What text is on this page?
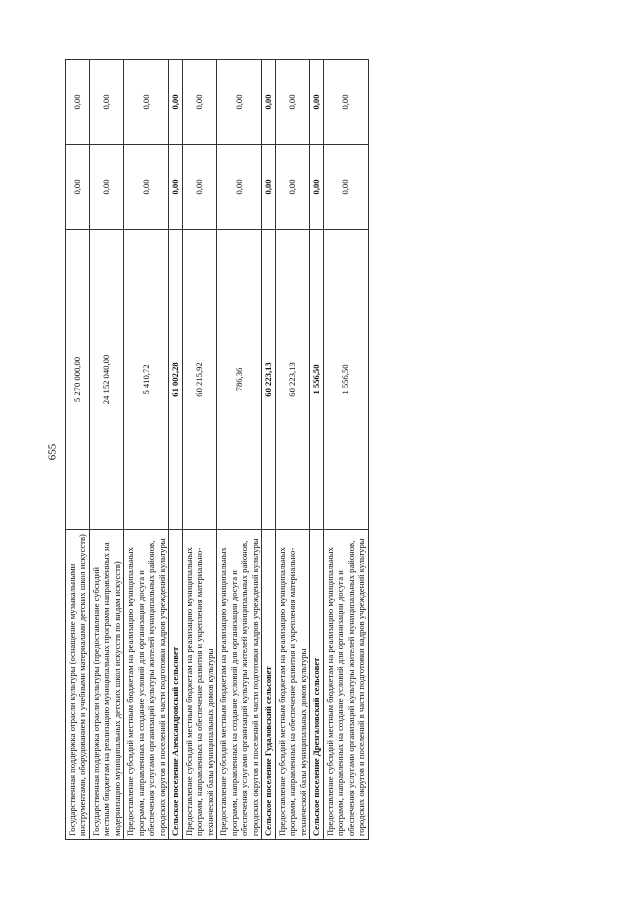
655
Государственная поддержка отрасли культуры (оснащение музыкальными инструментами, оборудованием и учебными материалами детских школ искусств)	5 270 000,00	0,00	0,00
Государственная поддержка отрасли культуры (предоставление субсидий местным бюджетам на реализацию муниципальных программ направленных на модернизацию муниципальных детских школ искусств по видам искусств)	24 152 040,00	0,00	0,00
Предоставление субсидий местным бюджетам на реализацию муниципальных программ, направленных на создание условий для организации досуга и обеспечения услугами организаций культуры жителей муниципальных районов, городских округов и поселений в части подготовки кадров учреждений культуры	5 410,72	0,00	0,00
Сельское поселение Александровский сельсовет	61 002,28	0,00	0,00
Предоставление субсидий местным бюджетам на реализацию муниципальных программ, направленных на обеспечение развития и укрепления материально-технической базы муниципальных домов культуры	60 215,92	0,00	0,00
Предоставление субсидий местным бюджетам на реализацию муниципальных программ, направленных на создание условий для организации досуга и обеспечения услугами организаций культуры жителей муниципальных районов, городских округов и поселений в части подготовки кадров учреждений культуры	786,36	0,00	0,00
Сельское поселение Гудаловский сельсовет	60 223,13	0,00	0,00
Предоставление субсидий местным бюджетам на реализацию муниципальных программ, направленных на обеспечение развития и укрепления материально-технической базы муниципальных домов культуры	60 223,13	0,00	0,00
Сельское поселение Дрезгаловский сельсовет	1 556,50	0,00	0,00
Предоставление субсидий местным бюджетам на реализацию муниципальных программ, направленных на создание условий для организации досуга и обеспечения услугами организаций культуры жителей муниципальных районов, городских округов и поселений в части подготовки кадров учреждений культуры	1 556,50	0,00	0,00
